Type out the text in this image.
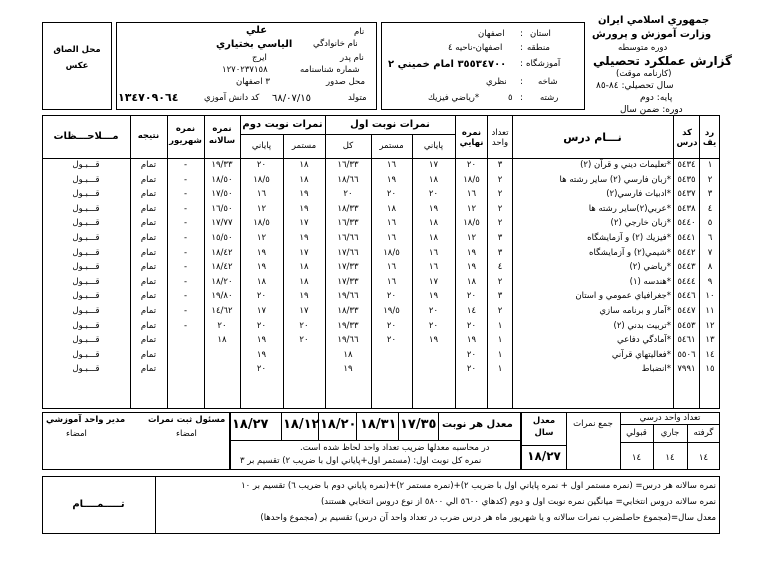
جمهوري اسلامي ايران
وزارت آموزش و پرورش
دوره متوسطه
گزارش عملکرد تحصيلي
(كارنامه موقت)
سال تحصيلي: ٨٤-٨٥
پايه: دوم
دوره: ضمن سال
استان
:
اصفهان
منطقه
:
اصفهان-ناحيه ٤
آموزشگاه
:
٣٥٥٣٤٧٠٠ امام خميني ٢
شاخه
:
نظري
رشته
:
٥
*رياضي فيزيك
نام
علي
نام خانوادگي
الياسي بختياري
نام پدر
ايرج
شماره شناسنامه
١٢٧٠٢٣٧١٥٨
محل صدور
٣ اصفهان
متولد
٦٨/٠٧/١٥
كد دانش آموزي
١٣٤٧٠٩٠٦٤
محل الصاق
عكس
رد يف
كد درس
نـــام درس
تعداد واحد
نمره نهايي
نمرات نوبت اول
پاياني
مستمر
كل
نمرات نوبت دوم
مستمر
پاياني
نمره سالانه
نمره شهريور
نتيجه
مـــلاحـــظات
١
٢
٣
٤
٥
٦
٧
٨
٩
١٠
١١
١٢
١٣
١٤
١٥
٥٤٣٤
٥٤٣٥
٥٤٣٧
٥٤٣٨
٥٤٤٠
٥٤٤١
٥٤٤٢
٥٤٤٣
٥٤٤٤
٥٤٤٦
٥٤٤٧
٥٤٥٣
٥٤٦١
٥٥٠٦
٧٩٩١
*تعليمات ديني و قرآن (٢)
*زبان فارسي (٢) ساير رشته ها
*ادبيات فارسي(٢)
*عربي(٢)ساير رشته ها
*زبان خارجي (٢)
*فيزيك (٢) و آزمايشگاه
*شيمي(٢) و آزمايشگاه
*رياضي (٢)
*هندسه (١)
*جغرافياي عمومي و استان
*آمار و برنامه سازي
*تربيت بدني (٢)
*آمادگي دفاعي
*فعاليتهاي قرآني
*انضباط
٣
٢
٢
٢
٢
٣
٣
٤
٢
٣
٢
١
١
١
١
٢٠
١٨/٥
١٦
١٢
١٨/٥
١٢
١٩
١٩
١٨
٢٠
١٤
٢٠
١٩
٢٠
٢٠
١٧
١٨
٢٠
١٩
١٨
١٨
١٦
١٦
١٧
١٩
٢٠
٢٠
١٩
١٦
١٩
٢٠
١٨
١٦
١٦
١٨/٥
١٦
١٦
٢٠
١٩/٥
٢٠
٢٠
١٦/٣٣
١٨/٦٦
٢٠
١٨/٣٣
١٦/٣٣
١٦/٦٦
١٧/٦٦
١٧/٣٣
١٧/٣٣
١٩/٦٦
١٨/٣٣
١٩/٣٣
١٩/٦٦
١٨
١٩
١٨
١٨
١٩
١٩
١٧
١٩
١٧
١٨
١٨
١٩
١٧
٢٠
٢٠
٢٠
١٨/٥
١٦
١٢
١٨/٥
١٢
١٩
١٩
١٨
٢٠
١٧
٢٠
١٩
١٩
٢٠
١٩/٣٣
١٨/٥٠
١٧/٥٠
١٦/٥٠
١٧/٧٧
١٥/٥٠
١٨/٤٢
١٨/٤٢
١٨/٢٠
١٩/٨٠
١٤/٦٢
٢٠
١٨
-
-
-
-
-
-
-
-
-
-
-
-
تمام
تمام
تمام
تمام
تمام
تمام
تمام
تمام
تمام
تمام
تمام
تمام
تمام
تمام
تمام
قـــبـول
قـــبـول
قـــبـول
قـــبـول
قـــبـول
قـــبـول
قـــبـول
قـــبـول
قـــبـول
قـــبـول
قـــبـول
قـــبـول
قـــبـول
قـــبـول
قـــبـول
تعداد واحد درسي
گرفته
جاري
قبولي
١٤
١٤
١٤
جمع نمرات
معدل سال
١٨/٢٧
معدل هر نوبت
١٧/٣٥
١٨/٣١
١٨/٢٠
١٨/١٢
١٨/٢٧
در محاسبه معدلها ضريب تعداد واحد لحاظ شده است.
نمره كل نوبت اول: (مستمر اول+پاياني اول با ضريب ٢) تقسيم بر ٣
مسئول ثبت نمرات
امضاء
مدير واحد آموزشي
امضاء
نمره سالانه هر درس= (نمره مستمر اول + نمره پاياني اول با ضريب ٢)+(نمره مستمر ٢)+(نمره پاياني دوم با ضريب ٦) تقسيم بر ١٠
نمره سالانه دروس انتخابي= ميانگين نمره نوبت اول و دوم (كدهاي ٥٦٠٠ الي ٥٨٠٠ از نوع دروس انتخابي هستند)
معدل سال=(مجموع حاصلضرب نمرات سالانه و يا شهريور ماه هر درس ضرب در تعداد واحد آن درس) تقسيم بر (مجموع واحدها)
تـــــمــــام
